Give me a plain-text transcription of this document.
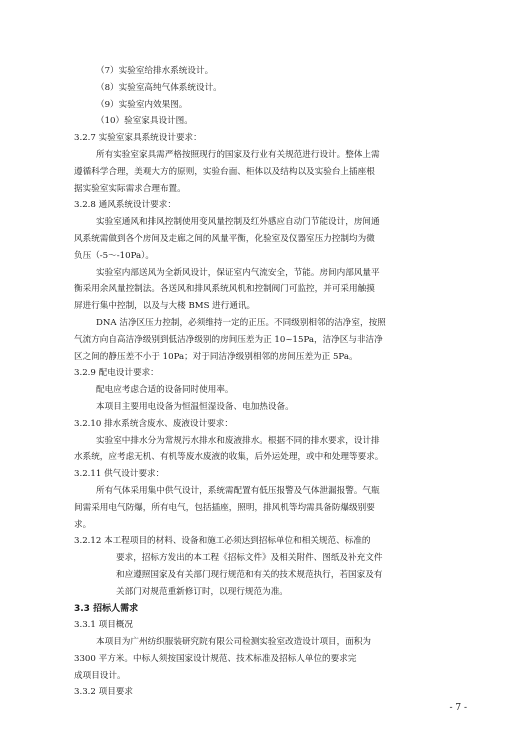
（7）实验室给排水系统设计。
（8）实验室高纯气体系统设计。
（9）实验室内效果图。
（10）验室家具设计图。
3.2.7 实验室家具系统设计要求：
所有实验室家具需严格按照现行的国家及行业有关规范进行设计。整体上需
遵循科学合理，美观大方的原则，实验台面、柜体以及结构以及实验台上插座根
据实验室实际需求合理布置。
3.2.8 通风系统设计要求：
实验室通风和排风控制使用变风量控制及红外感应自动门节能设计，房间通
风系统需做到各个房间及走廊之间的风量平衡，化验室及仪器室压力控制均为微
负压（-5～-10Pa）。
实验室内部送风为全新风设计，保证室内气流安全，节能。房间内部风量平
衡采用余风量控制法。各送风和排风系统风机和控制阀门可监控，并可采用触摸
屏进行集中控制，以及与大楼 BMS 进行通讯。
DNA 洁净区压力控制，必须维持一定的正压。不同级别相邻的洁净室，按照
气流方向自高洁净级别到低洁净级别的房间压差为正 10~15Pa，洁净区与非洁净
区之间的静压差不小于 10Pa；对于同洁净级别相邻的房间压差为正 5Pa。
3.2.9 配电设计要求：
配电应考虑合适的设备同时使用率。
本项目主要用电设备为恒温恒湿设备、电加热设备。
3.2.10 排水系统含废水、废液设计要求：
实验室中排水分为常规污水排水和废液排水。根据不同的排水要求，设计排
水系统，应考虑无机、有机等废水废液的收集，后外运处理，或中和处理等要求。
3.2.11 供气设计要求：
所有气体采用集中供气设计，系统需配置有低压报警及气体泄漏报警。气瓶
间需采用电气防爆，所有电气，包括插座，照明，排风机等均需具备防爆级别要
求。
3.2.12 本工程项目的材料、设备和施工必须达到招标单位和相关规范、标准的
要求，招标方发出的本工程《招标文件》及相关附件、图纸及补充文件
和应遵照国家及有关部门现行规范和有关的技术规范执行，若国家及有
关部门对规范重新修订时，以现行规范为准。
3.3 招标人需求
3.3.1 项目概况
本项目为广州纺织服装研究院有限公司检测实验室改造设计项目，面积为
3300 平方米。中标人须按国家设计规范、技术标准及招标人单位的要求完
成项目设计。
3.3.2 项目要求
- 7 -
